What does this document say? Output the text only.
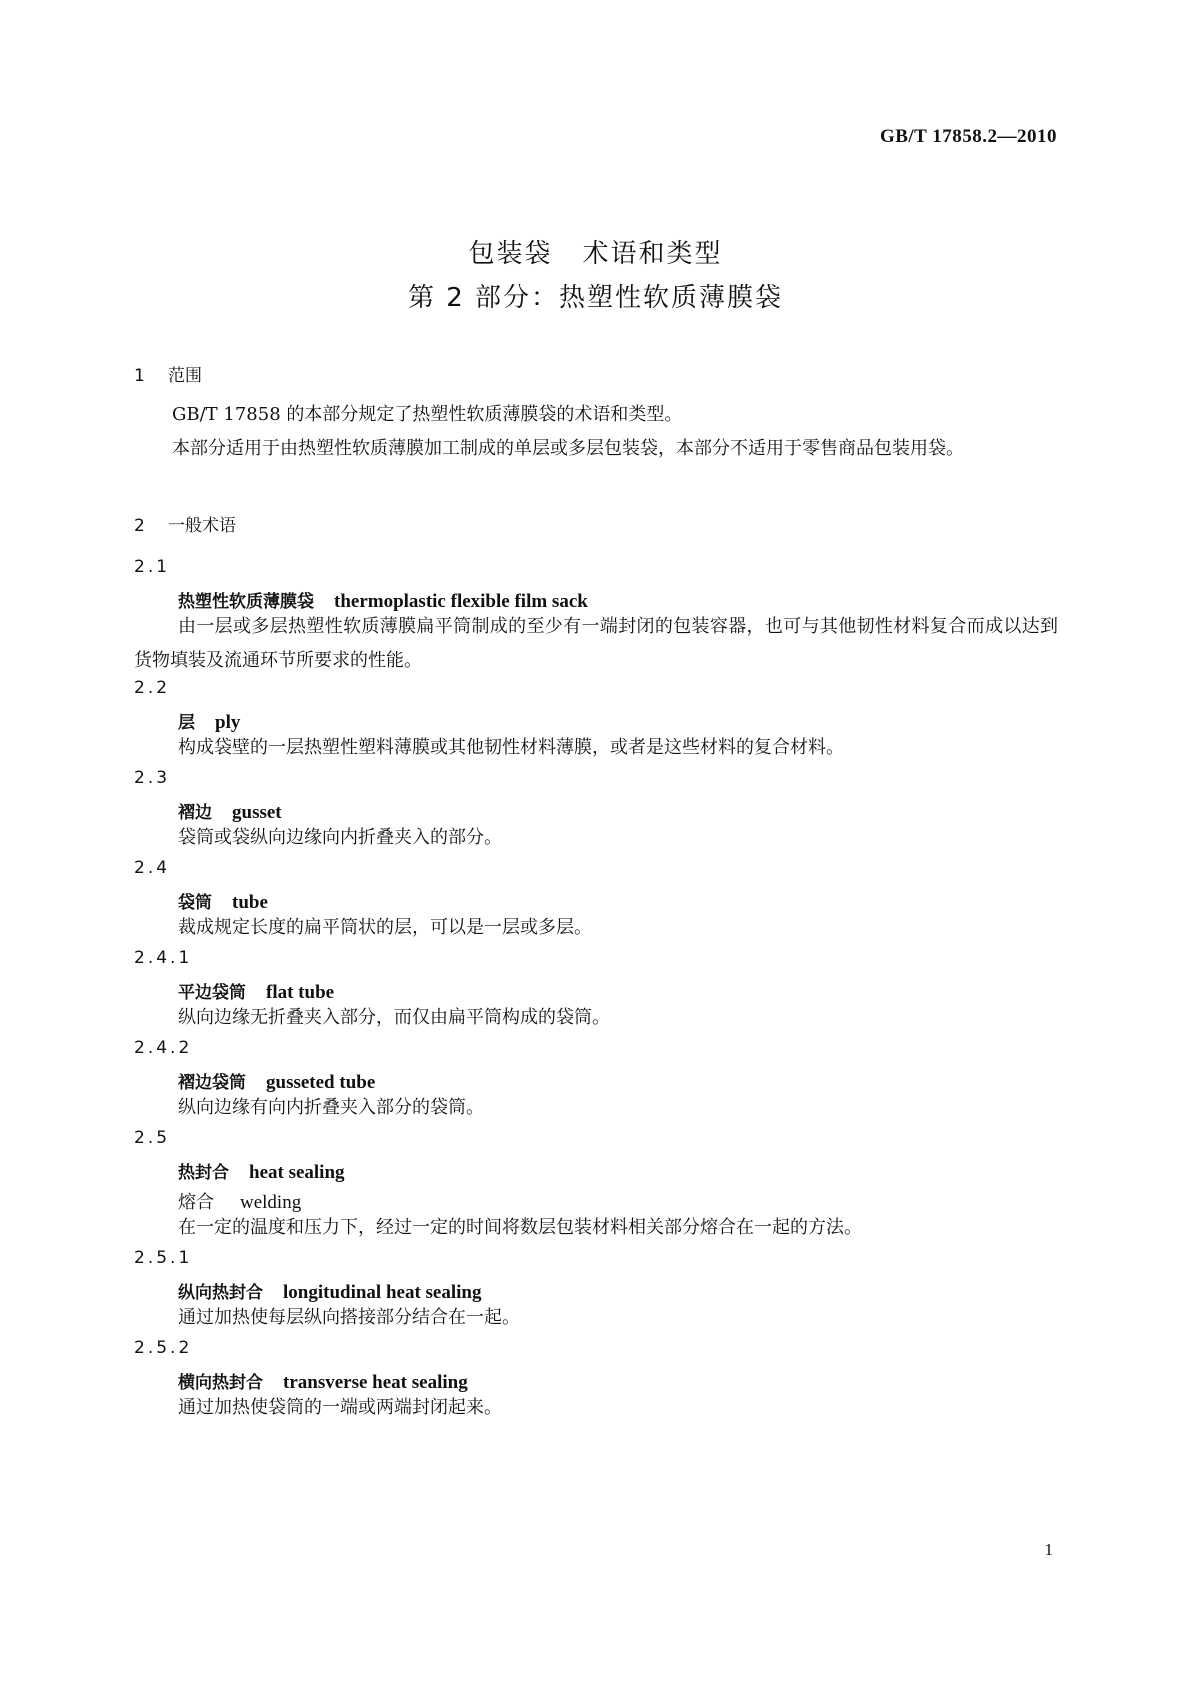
GB/T 17858.2—2010
包装袋 术语和类型
第 2 部分：热塑性软质薄膜袋
1 范围

GB/T 17858 的本部分规定了热塑性软质薄膜袋的术语和类型。

本部分适用于由热塑性软质薄膜加工制成的单层或多层包装袋，本部分不适用于零售商品包装用袋。

2 一般术语
2.1
热塑性软质薄膜袋 thermoplastic flexible film sack

由一层或多层热塑性软质薄膜扁平筒制成的至少有一端封闭的包装容器，也可与其他韧性材料复合而成以达到货物填装及流通环节所要求的性能。

2.2
层 ply

构成袋壁的一层热塑性塑料薄膜或其他韧性材料薄膜，或者是这些材料的复合材料。

2.3
褶边 gusset

袋筒或袋纵向边缘向内折叠夹入的部分。

2.4
袋筒 tube

裁成规定长度的扁平筒状的层，可以是一层或多层。

2.4.1
平边袋筒 flat tube

纵向边缘无折叠夹入部分，而仅由扁平筒构成的袋筒。

2.4.2
褶边袋筒 gusseted tube

纵向边缘有向内折叠夹入部分的袋筒。

2.5
热封合 heat sealing
熔合 welding

在一定的温度和压力下，经过一定的时间将数层包装材料相关部分熔合在一起的方法。

2.5.1
纵向热封合 longitudinal heat sealing

通过加热使每层纵向搭接部分结合在一起。

2.5.2
横向热封合 transverse heat sealing

通过加热使袋筒的一端或两端封闭起来。

1
